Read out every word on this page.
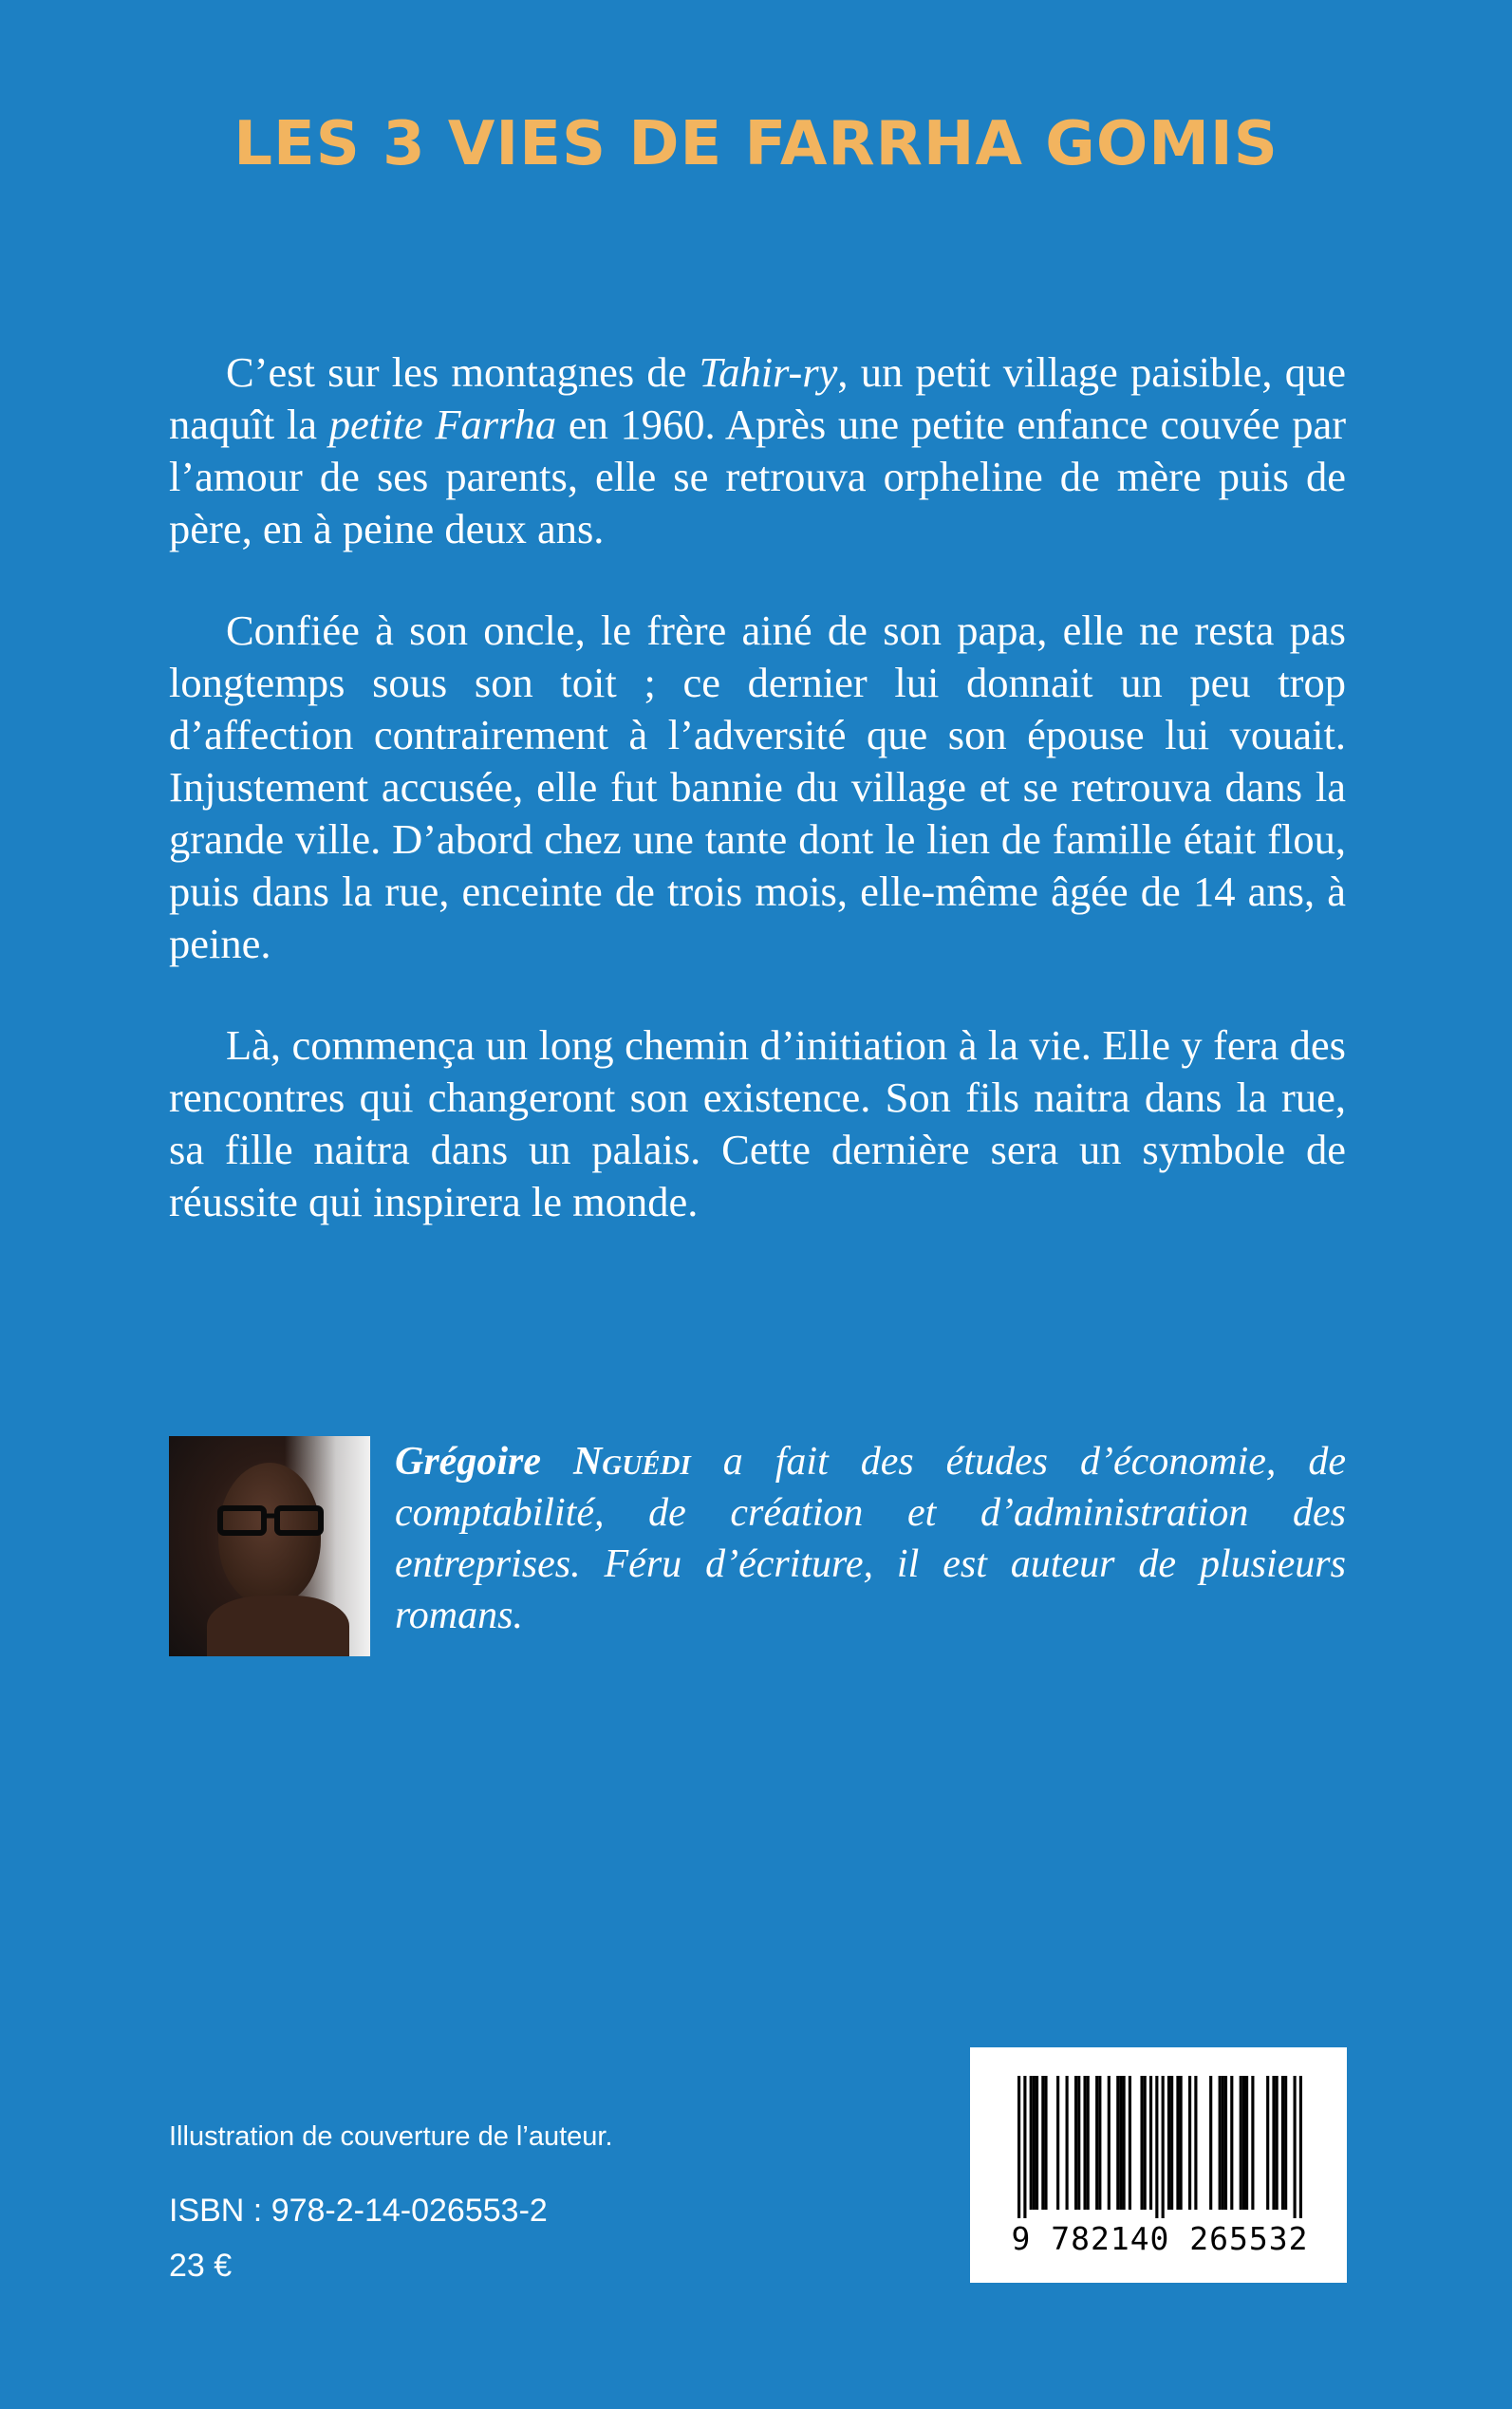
LES 3 VIES DE FARRHA GOMIS

C’est sur les montagnes de Tahir-ry, un petit village paisible, que naquît la petite Farrha en 1960. Après une petite enfance couvée par l’amour de ses parents, elle se retrouva orpheline de mère puis de père, en à peine deux ans.

Confiée à son oncle, le frère ainé de son papa, elle ne resta pas longtemps sous son toit ; ce dernier lui donnait un peu trop d’affection contrairement à l’adversité que son épouse lui vouait. Injustement accusée, elle fut bannie du village et se retrouva dans la grande ville. D’abord chez une tante dont le lien de famille était flou, puis dans la rue, enceinte de trois mois, elle-même âgée de 14 ans, à peine.

Là, commença un long chemin d’initiation à la vie. Elle y fera des rencontres qui changeront son existence. Son fils naitra dans la rue, sa fille naitra dans un palais. Cette dernière sera un symbole de réussite qui inspirera le monde.

Grégoire Nguédi a fait des études d’économie, de comptabilité, de création et d’administration des entreprises. Féru d’écriture, il est auteur de plusieurs romans.

Illustration de couverture de l’auteur.

ISBN : 978-2-14-026553-2

23 €

9 782140 265532
